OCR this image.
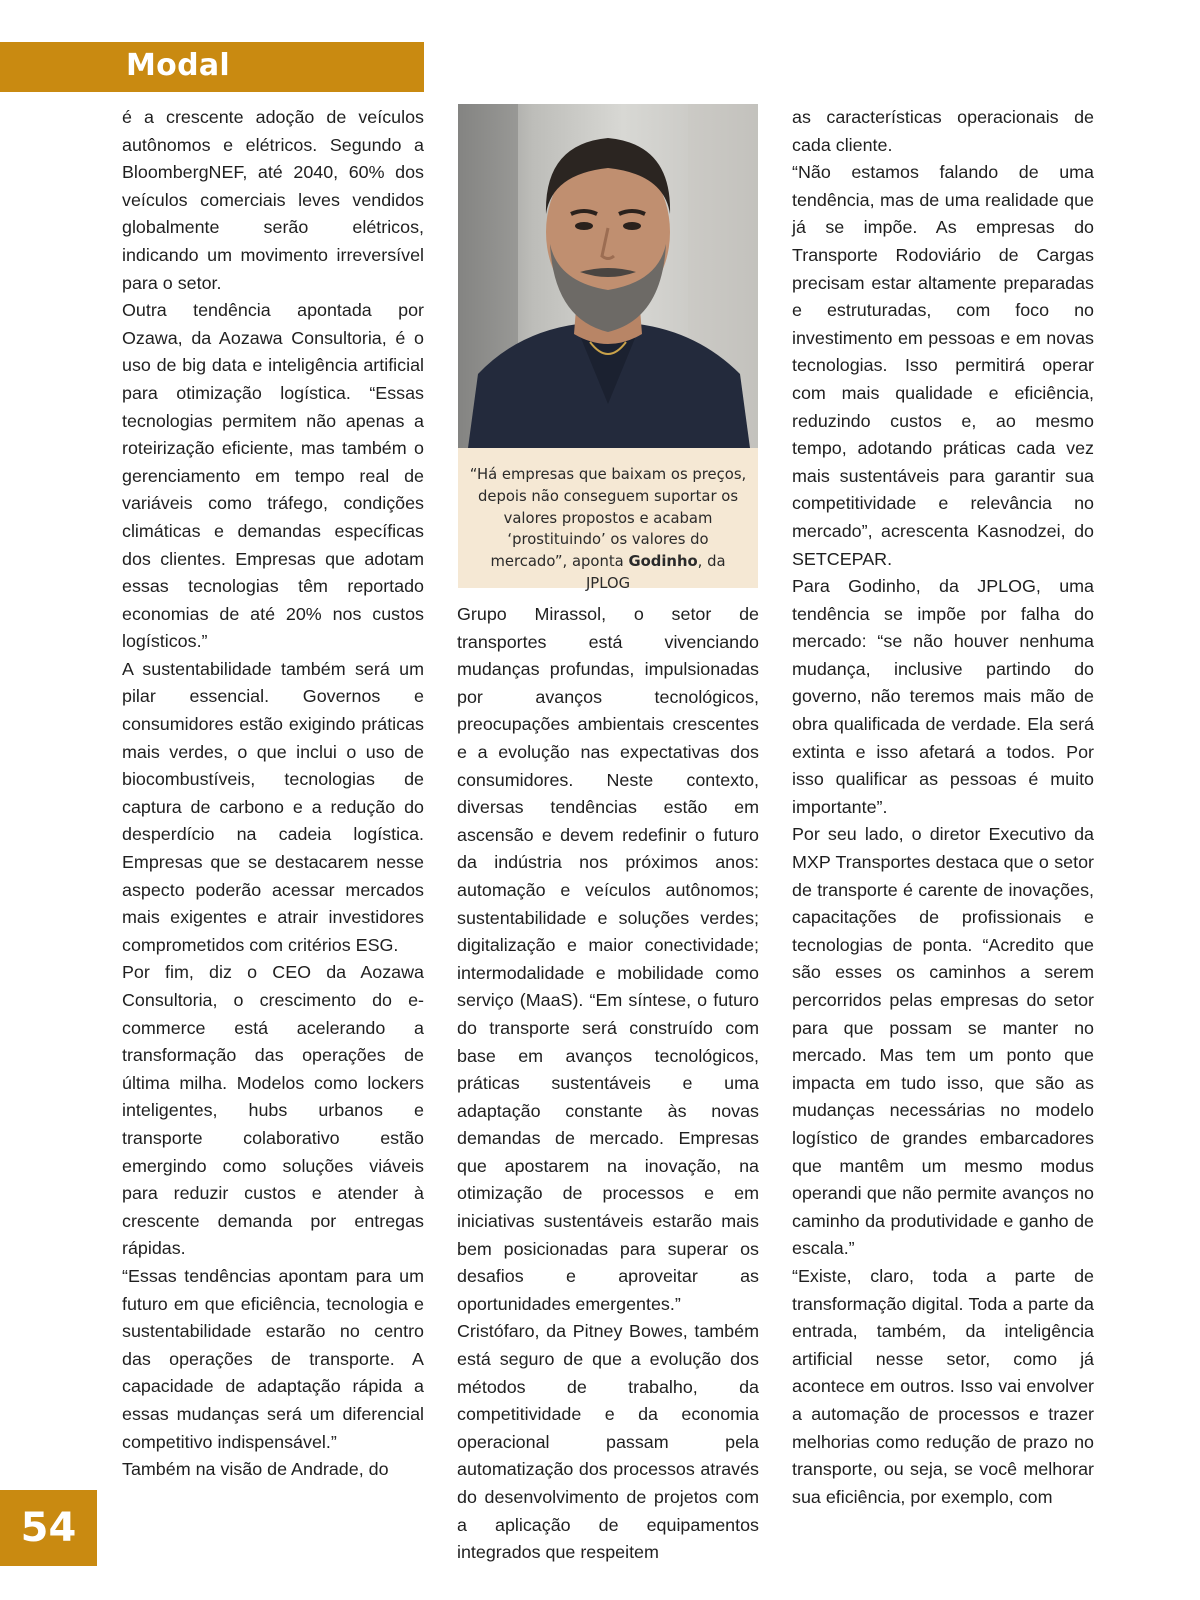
Modal

é a crescente adoção de veículos autônomos e elétricos. Segundo a BloombergNEF, até 2040, 60% dos veículos comerciais leves vendidos globalmente serão elétricos, indicando um movimento irreversível para o setor.

Outra tendência apontada por Ozawa, da Aozawa Consultoria, é o uso de big data e inteligência artificial para otimização logística. “Essas tecnologias permitem não apenas a roteirização eficiente, mas também o gerenciamento em tempo real de variáveis como tráfego, condições climáticas e demandas específicas dos clientes. Empresas que adotam essas tecnologias têm reportado economias de até 20% nos custos logísticos.”

A sustentabilidade também será um pilar essencial. Governos e consumidores estão exigindo práticas mais verdes, o que inclui o uso de biocombustíveis, tecnologias de captura de carbono e a redução do desperdício na cadeia logística. Empresas que se destacarem nesse aspecto poderão acessar mercados mais exigentes e atrair investidores comprometidos com critérios ESG.

Por fim, diz o CEO da Aozawa Consultoria, o crescimento do e-commerce está acelerando a transformação das operações de última milha. Modelos como lockers inteligentes, hubs urbanos e transporte colaborativo estão emergindo como soluções viáveis para reduzir custos e atender à crescente demanda por entregas rápidas.

“Essas tendências apontam para um futuro em que eficiência, tecnologia e sustentabilidade estarão no centro das operações de transporte. A capacidade de adaptação rápida a essas mudanças será um diferencial competitivo indispensável.”

Também na visão de Andrade, do

“Há empresas que baixam os preços, depois não conseguem suportar os valores propostos e acabam ‘prostituindo’ os valores do mercado”, aponta Godinho, da JPLOG

Grupo Mirassol, o setor de transportes está vivenciando mudanças profundas, impulsionadas por avanços tecnológicos, preocupações ambientais crescentes e a evolução nas expectativas dos consumidores. Neste contexto, diversas tendências estão em ascensão e devem redefinir o futuro da indústria nos próximos anos: automação e veículos autônomos; sustentabilidade e soluções verdes; digitalização e maior conectividade; intermodalidade e mobilidade como serviço (MaaS). “Em síntese, o futuro do transporte será construído com base em avanços tecnológicos, práticas sustentáveis e uma adaptação constante às novas demandas de mercado. Empresas que apostarem na inovação, na otimização de processos e em iniciativas sustentáveis estarão mais bem posicionadas para superar os desafios e aproveitar as oportunidades emergentes.”

Cristófaro, da Pitney Bowes, também está seguro de que a evolução dos métodos de trabalho, da competitividade e da economia operacional passam pela automatização dos processos através do desenvolvimento de projetos com a aplicação de equipamentos integrados que respeitem

as características operacionais de cada cliente.

“Não estamos falando de uma tendência, mas de uma realidade que já se impõe. As empresas do Transporte Rodoviário de Cargas precisam estar altamente preparadas e estruturadas, com foco no investimento em pessoas e em novas tecnologias. Isso permitirá operar com mais qualidade e eficiência, reduzindo custos e, ao mesmo tempo, adotando práticas cada vez mais sustentáveis para garantir sua competitividade e relevância no mercado”, acrescenta Kasnodzei, do SETCEPAR.

Para Godinho, da JPLOG, uma tendência se impõe por falha do mercado: “se não houver nenhuma mudança, inclusive partindo do governo, não teremos mais mão de obra qualificada de verdade. Ela será extinta e isso afetará a todos. Por isso qualificar as pessoas é muito importante”.

Por seu lado, o diretor Executivo da MXP Transportes destaca que o setor de transporte é carente de inovações, capacitações de profissionais e tecnologias de ponta. “Acredito que são esses os caminhos a serem percorridos pelas empresas do setor para que possam se manter no mercado. Mas tem um ponto que impacta em tudo isso, que são as mudanças necessárias no modelo logístico de grandes embarcadores que mantêm um mesmo modus operandi que não permite avanços no caminho da produtividade e ganho de escala.”

“Existe, claro, toda a parte de transformação digital. Toda a parte da entrada, também, da inteligência artificial nesse setor, como já acontece em outros. Isso vai envolver a automação de processos e trazer melhorias como redução de prazo no transporte, ou seja, se você melhorar sua eficiência, por exemplo, com

54
